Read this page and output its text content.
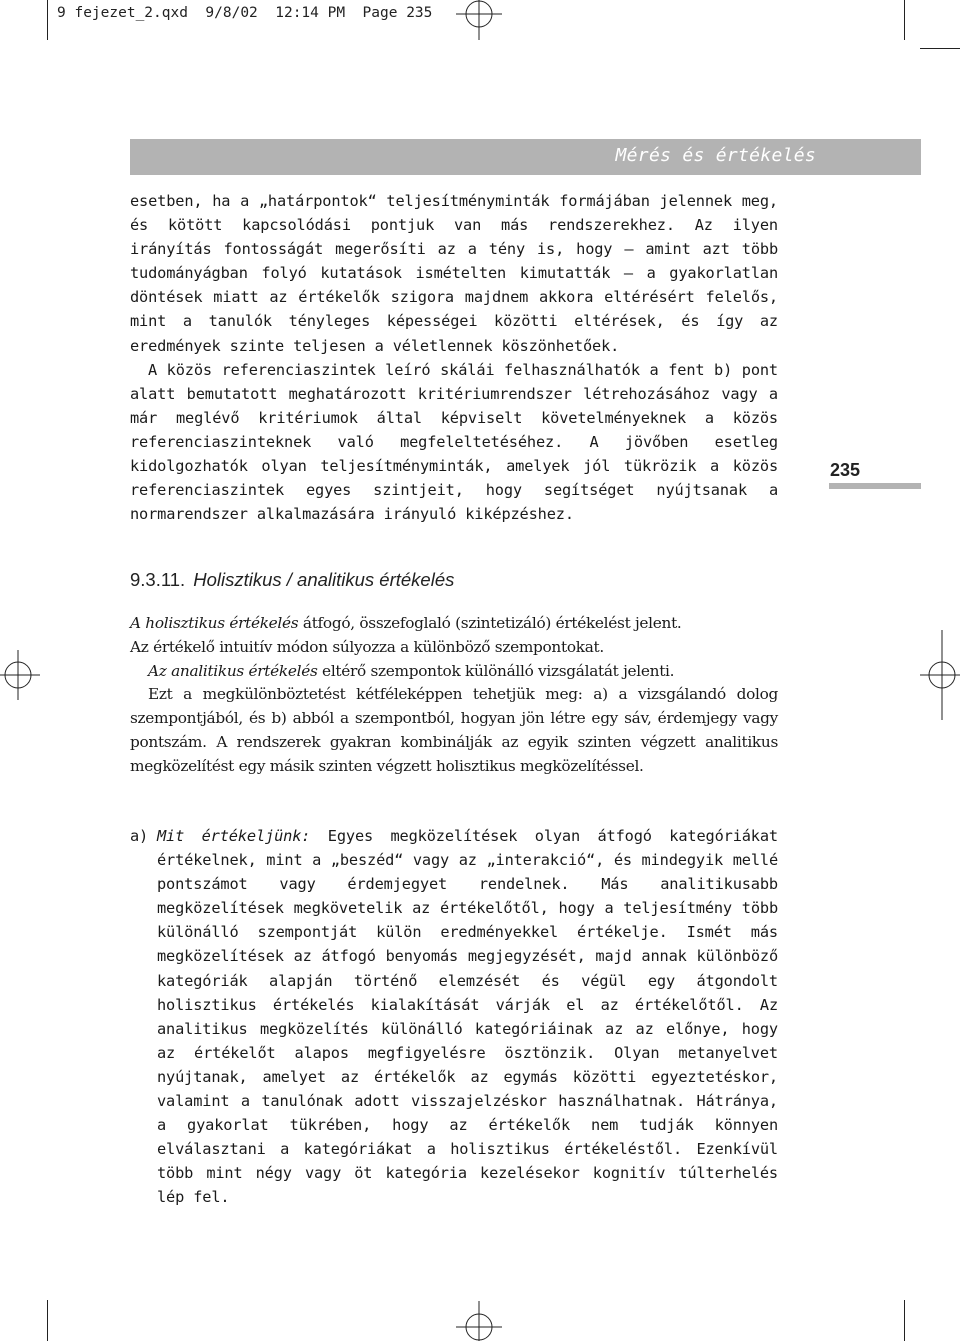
9 fejezet_2.qxd  9/8/02  12:14 PM  Page 235
Mérés és értékelés
235

esetben, ha a „határpontok“ teljesítményminták formájában jelennek meg, és kötött kapcsolódási pontjuk van más rendszerekhez. Az ilyen irányítás fontosságát megerősíti az a tény is, hogy – amint azt több tudományágban folyó kutatások ismételten kimutatták – a gyakorlatlan döntések miatt az értékelők szigora majdnem akkora eltérésért felelős, mint a tanulók tényleges képességei közötti eltérések, és így az eredmények szinte teljesen a véletlennek köszönhetőek.

A közös referenciaszintek leíró skálái felhasználhatók a fent b) pont alatt bemutatott meghatározott kritériumrendszer létrehozásához vagy a már meglévő kritériumok által képviselt követelményeknek a közös referenciaszinteknek való megfeleltetéséhez. A jövőben esetleg kidolgozhatók olyan teljesítményminták, amelyek jól tükrözik a közös referenciaszintek egyes szintjeit, hogy segítséget nyújtsanak a normarendszer alkalmazására irányuló kiképzéshez.

9.3.11. Holisztikus / analitikus értékelés

A holisztikus értékelés átfogó, összefoglaló (szintetizáló) értékelést jelent.

Az értékelő intuitív módon súlyozza a különböző szempontokat.

Az analitikus értékelés eltérő szempontok különálló vizsgálatát jelenti.

Ezt a megkülönböztetést kétféleképpen tehetjük meg: a) a vizsgálandó dolog szempontjából, és b) abból a szempontból, hogyan jön létre egy sáv, érdemjegy vagy pontszám. A rendszerek gyakran kombinálják az egyik szinten végzett analitikus megközelítést egy másik szinten végzett holisztikus megközelítéssel.

a) Mit értékeljünk: Egyes megközelítések olyan átfogó kategóriákat értékelnek, mint a „beszéd“ vagy az „interakció“, és mindegyik mellé pontszámot vagy érdemjegyet rendelnek. Más analitikusabb megközelítések megkövetelik az értékelőtől, hogy a teljesítmény több különálló szempontját külön eredményekkel értékelje. Ismét más megközelítések az átfogó benyomás megjegyzését, majd annak különböző kategóriák alapján történő elemzését és végül egy átgondolt holisztikus értékelés kialakítását várják el az értékelőtől. Az analitikus megközelítés különálló kategóriáinak az az előnye, hogy az értékelőt alapos megfigyelésre ösztönzik. Olyan metanyelvet nyújtanak, amelyet az értékelők az egymás közötti egyeztetéskor, valamint a tanulónak adott visszajelzéskor használhatnak. Hátránya, a gyakorlat tükrében, hogy az értékelők nem tudják könnyen elválasztani a kategóriákat a holisztikus értékeléstől. Ezenkívül több mint négy vagy öt kategória kezelésekor kognitív túlterhelés lép fel.
